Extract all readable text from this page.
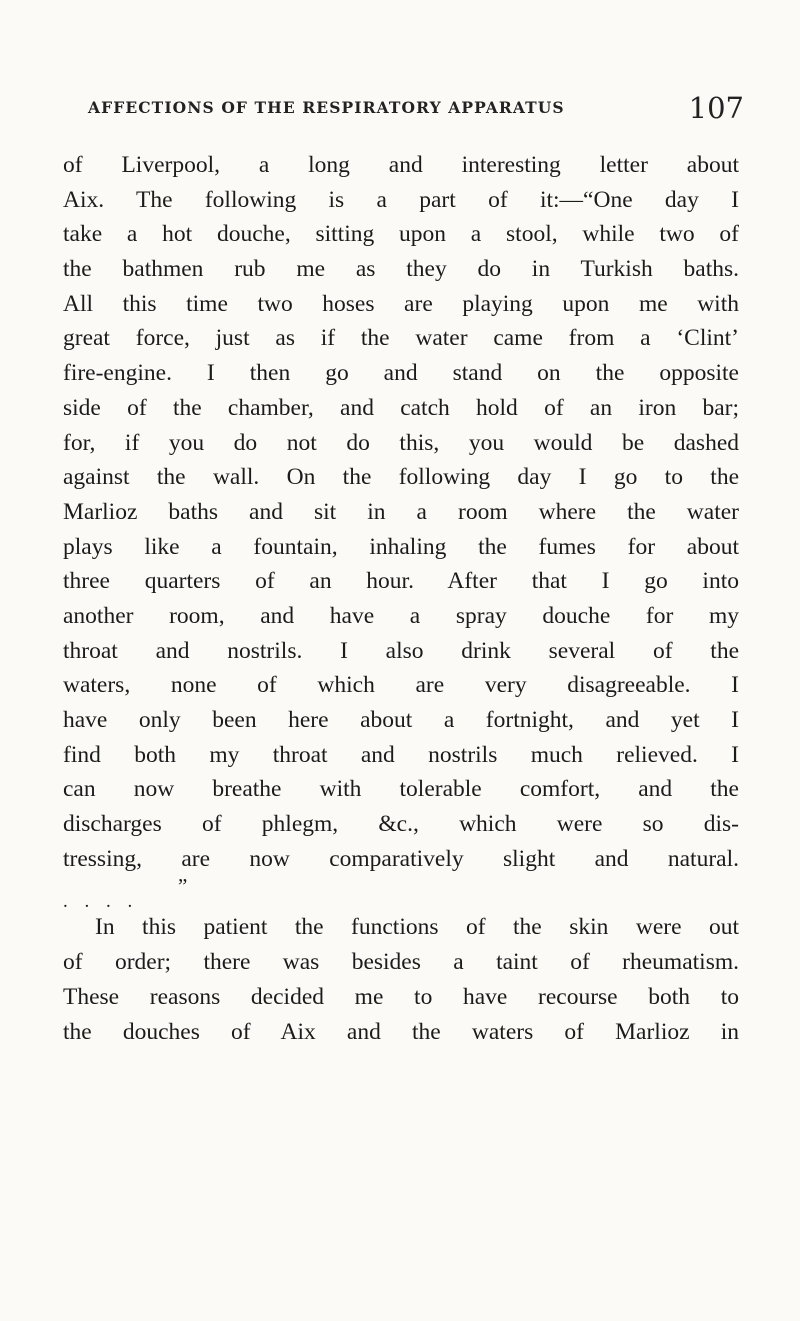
AFFECTIONS OF THE RESPIRATORY APPARATUS	107
of Liverpool, a long and interesting letter about
Aix. The following is a part of it:—“One day I
take a hot douche, sitting upon a stool, while two of
the bathmen rub me as they do in Turkish baths.
All this time two hoses are playing upon me with
great force, just as if the water came from a ‘Clint’
fire-engine. I then go and stand on the opposite
side of the chamber, and catch hold of an iron bar;
for, if you do not do this, you would be dashed
against the wall. On the following day I go to the
Marlioz baths and sit in a room where the water
plays like a fountain, inhaling the fumes for about
three quarters of an hour. After that I go into
another room, and have a spray douche for my
throat and nostrils. I also drink several of the
waters, none of which are very disagreeable. I
have only been here about a fortnight, and yet I
find both my throat and nostrils much relieved. I
can now breathe with tolerable comfort, and the
discharges of phlegm, &c., which were so dis-
tressing, are now comparatively slight and natural.
. . . .
”
In this patient the functions of the skin were out
of order; there was besides a taint of rheumatism.
These reasons decided me to have recourse both to
the douches of Aix and the waters of Marlioz in
